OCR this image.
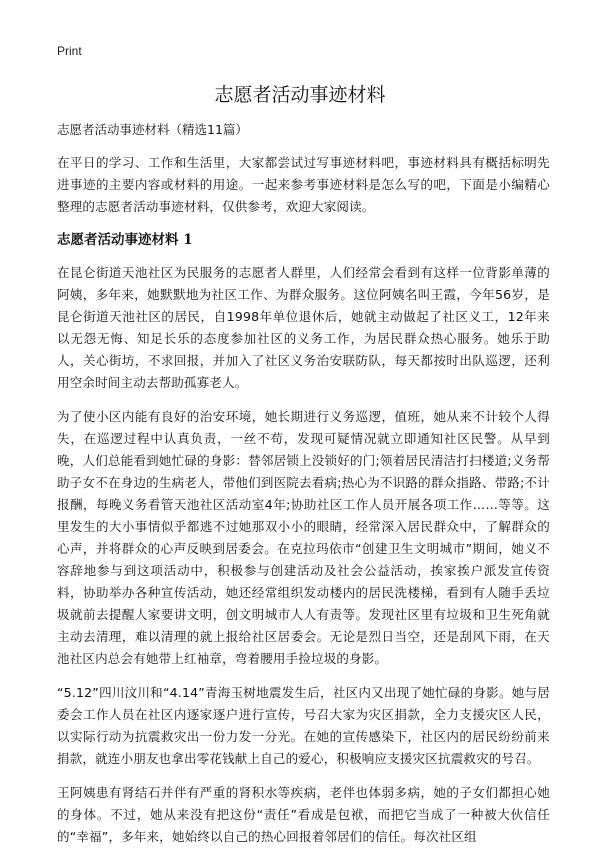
Print
志愿者活动事迹材料

志愿者活动事迹材料（精选11篇）

在平日的学习、工作和生活里，大家都尝试过写事迹材料吧，事迹材料具有概括标明先进事迹的主要内容或材料的用途。一起来参考事迹材料是怎么写的吧，下面是小编精心整理的志愿者活动事迹材料，仅供参考，欢迎大家阅读。

志愿者活动事迹材料 1

在昆仑街道天池社区为民服务的志愿者人群里，人们经常会看到有这样一位背影单薄的阿姨，多年来，她默默地为社区工作、为群众服务。这位阿姨名叫王霞，今年56岁，是昆仑街道天池社区的居民，自1998年单位退休后，她就主动做起了社区义工，12年来以无怨无悔、知足长乐的态度参加社区的义务工作，为居民群众热心服务。她乐于助人，关心街坊，不求回报，并加入了社区义务治安联防队，每天都按时出队巡逻，还利用空余时间主动去帮助孤寡老人。

为了使小区内能有良好的治安环境，她长期进行义务巡逻，值班，她从来不计较个人得失，在巡逻过程中认真负责，一丝不苟，发现可疑情况就立即通知社区民警。从早到晚，人们总能看到她忙碌的身影：替邻居锁上没锁好的门;领着居民清洁打扫楼道;义务帮助子女不在身边的生病老人，带他们到医院去看病;热心为不识路的群众指路、带路;不计报酬，每晚义务看管天池社区活动室4年;协助社区工作人员开展各项工作……等等。这里发生的大小事情似乎都逃不过她那双小小的眼睛，经常深入居民群众中，了解群众的心声，并将群众的心声反映到居委会。在克拉玛依市“创建卫生文明城市”期间，她义不容辞地参与到这项活动中，积极参与创建活动及社会公益活动，挨家挨户派发宣传资料，协助举办各种宣传活动，她还经常组织发动楼内的居民洗楼梯，看到有人随手丢垃圾就前去提醒人家要讲文明，创文明城市人人有责等。发现社区里有垃圾和卫生死角就主动去清理，难以清理的就上报给社区居委会。无论是烈日当空，还是刮风下雨，在天池社区内总会有她带上红袖章，弯着腰用手捡垃圾的身影。

“5.12”四川汶川和“4.14”青海玉树地震发生后，社区内又出现了她忙碌的身影。她与居委会工作人员在社区内逐家逐户进行宣传，号召大家为灾区捐款，全力支援灾区人民，以实际行动为抗震救灾出一份力发一分光。在她的宣传感染下，社区内的居民纷纷前来捐款，就连小朋友也拿出零花钱献上自己的爱心，积极响应支援灾区抗震救灾的号召。

王阿姨患有肾结石并伴有严重的肾积水等疾病，老伴也体弱多病，她的子女们都担心她的身体。不过，她从来没有把这份“责任”看成是包袱，而把它当成了一种被大伙信任的“幸福”，多年来，她始终以自己的热心回报着邻居们的信任。每次社区组
